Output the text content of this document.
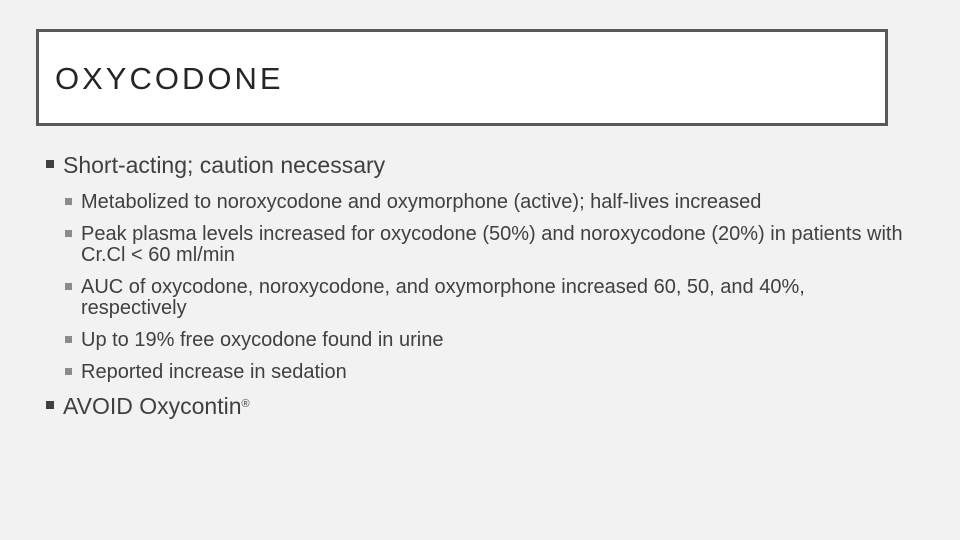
OXYCODONE
Short-acting; caution necessary
Metabolized to noroxycodone and oxymorphone (active); half-lives increased
Peak plasma levels increased for oxycodone (50%) and noroxycodone (20%) in patients with Cr.Cl < 60 ml/min
AUC of oxycodone, noroxycodone, and oxymorphone increased 60, 50, and 40%, respectively
Up to 19% free oxycodone found in urine
Reported increase in sedation
AVOID Oxycontin®
